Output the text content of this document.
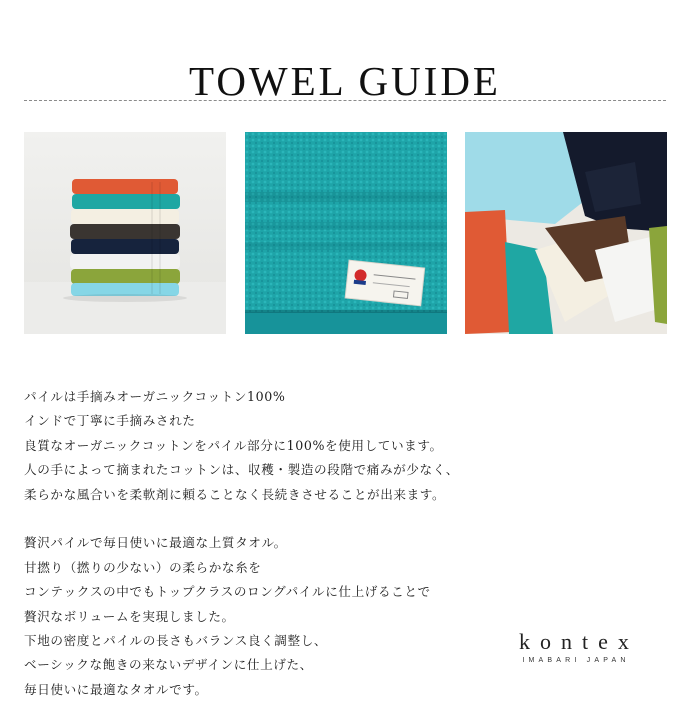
TOWEL GUIDE

パイルは手摘みオーガニックコットン100%
インドで丁寧に手摘みされた
良質なオーガニックコットンをパイル部分に100%を使用しています。
人の手によって摘まれたコットンは、収穫・製造の段階で痛みが少なく、
柔らかな風合いを柔軟剤に頼ることなく長続きさせることが出来ます。

贅沢パイルで毎日使いに最適な上質タオル。
甘撚り（撚りの少ない）の柔らかな糸を
コンテックスの中でもトップクラスのロングパイルに仕上げることで
贅沢なボリュームを実現しました。
下地の密度とパイルの長さもバランス良く調整し、
ベーシックな飽きの来ないデザインに仕上げた、
毎日使いに最適なタオルです。

kontex
IMABARI JAPAN
